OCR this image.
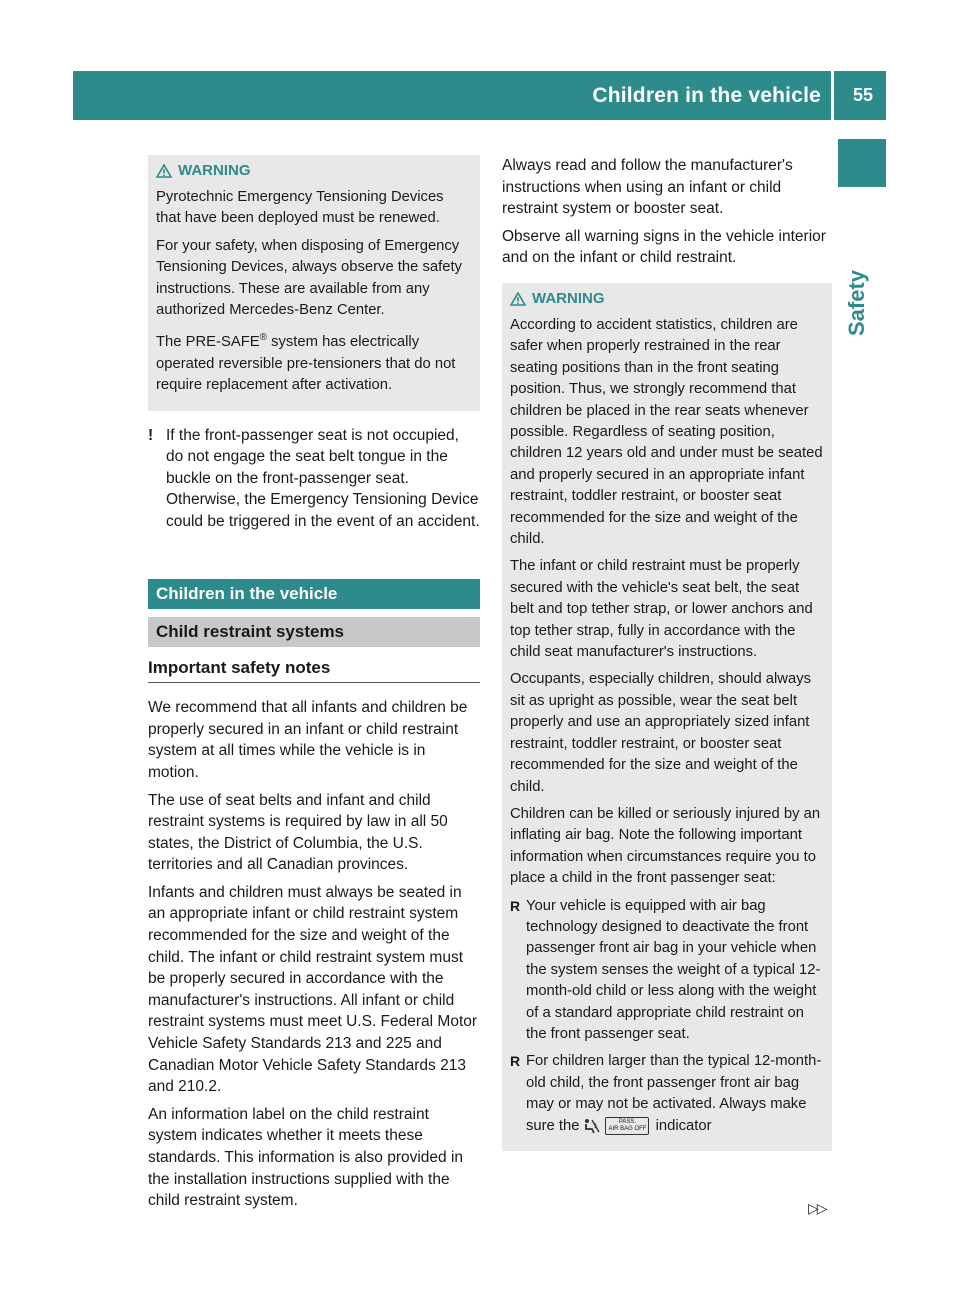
Children in the vehicle 55
Safety
WARNING

Pyrotechnic Emergency Tensioning Devices that have been deployed must be renewed.

For your safety, when disposing of Emergency Tensioning Devices, always observe the safety instructions. These are available from any authorized Mercedes-Benz Center.

The PRE-SAFE® system has electrically operated reversible pre-tensioners that do not require replacement after activation.

! If the front-passenger seat is not occupied, do not engage the seat belt tongue in the buckle on the front-passenger seat. Otherwise, the Emergency Tensioning Device could be triggered in the event of an accident.

Children in the vehicle
Child restraint systems
Important safety notes

We recommend that all infants and children be properly secured in an infant or child restraint system at all times while the vehicle is in motion.

The use of seat belts and infant and child restraint systems is required by law in all 50 states, the District of Columbia, the U.S. territories and all Canadian provinces.

Infants and children must always be seated in an appropriate infant or child restraint system recommended for the size and weight of the child. The infant or child restraint system must be properly secured in accordance with the manufacturer's instructions. All infant or child restraint systems must meet U.S. Federal Motor Vehicle Safety Standards 213 and 225 and Canadian Motor Vehicle Safety Standards 213 and 210.2.

An information label on the child restraint system indicates whether it meets these standards. This information is also provided in the installation instructions supplied with the child restraint system.

Always read and follow the manufacturer's instructions when using an infant or child restraint system or booster seat.

Observe all warning signs in the vehicle interior and on the infant or child restraint.

WARNING

According to accident statistics, children are safer when properly restrained in the rear seating positions than in the front seating position. Thus, we strongly recommend that children be placed in the rear seats whenever possible. Regardless of seating position, children 12 years old and under must be seated and properly secured in an appropriate infant restraint, toddler restraint, or booster seat recommended for the size and weight of the child.

The infant or child restraint must be properly secured with the vehicle's seat belt, the seat belt and top tether strap, or lower anchors and top tether strap, fully in accordance with the child seat manufacturer's instructions.

Occupants, especially children, should always sit as upright as possible, wear the seat belt properly and use an appropriately sized infant restraint, toddler restraint, or booster seat recommended for the size and weight of the child.

Children can be killed or seriously injured by an inflating air bag. Note the following important information when circumstances require you to place a child in the front passenger seat:

R Your vehicle is equipped with air bag technology designed to deactivate the front passenger front air bag in your vehicle when the system senses the weight of a typical 12-month-old child or less along with the weight of a standard appropriate child restraint on the front passenger seat.
R For children larger than the typical 12-month-old child, the front passenger front air bag may or may not be activated. Always make sure the	PASS.
AIR BAG OFF indicator
▷▷
